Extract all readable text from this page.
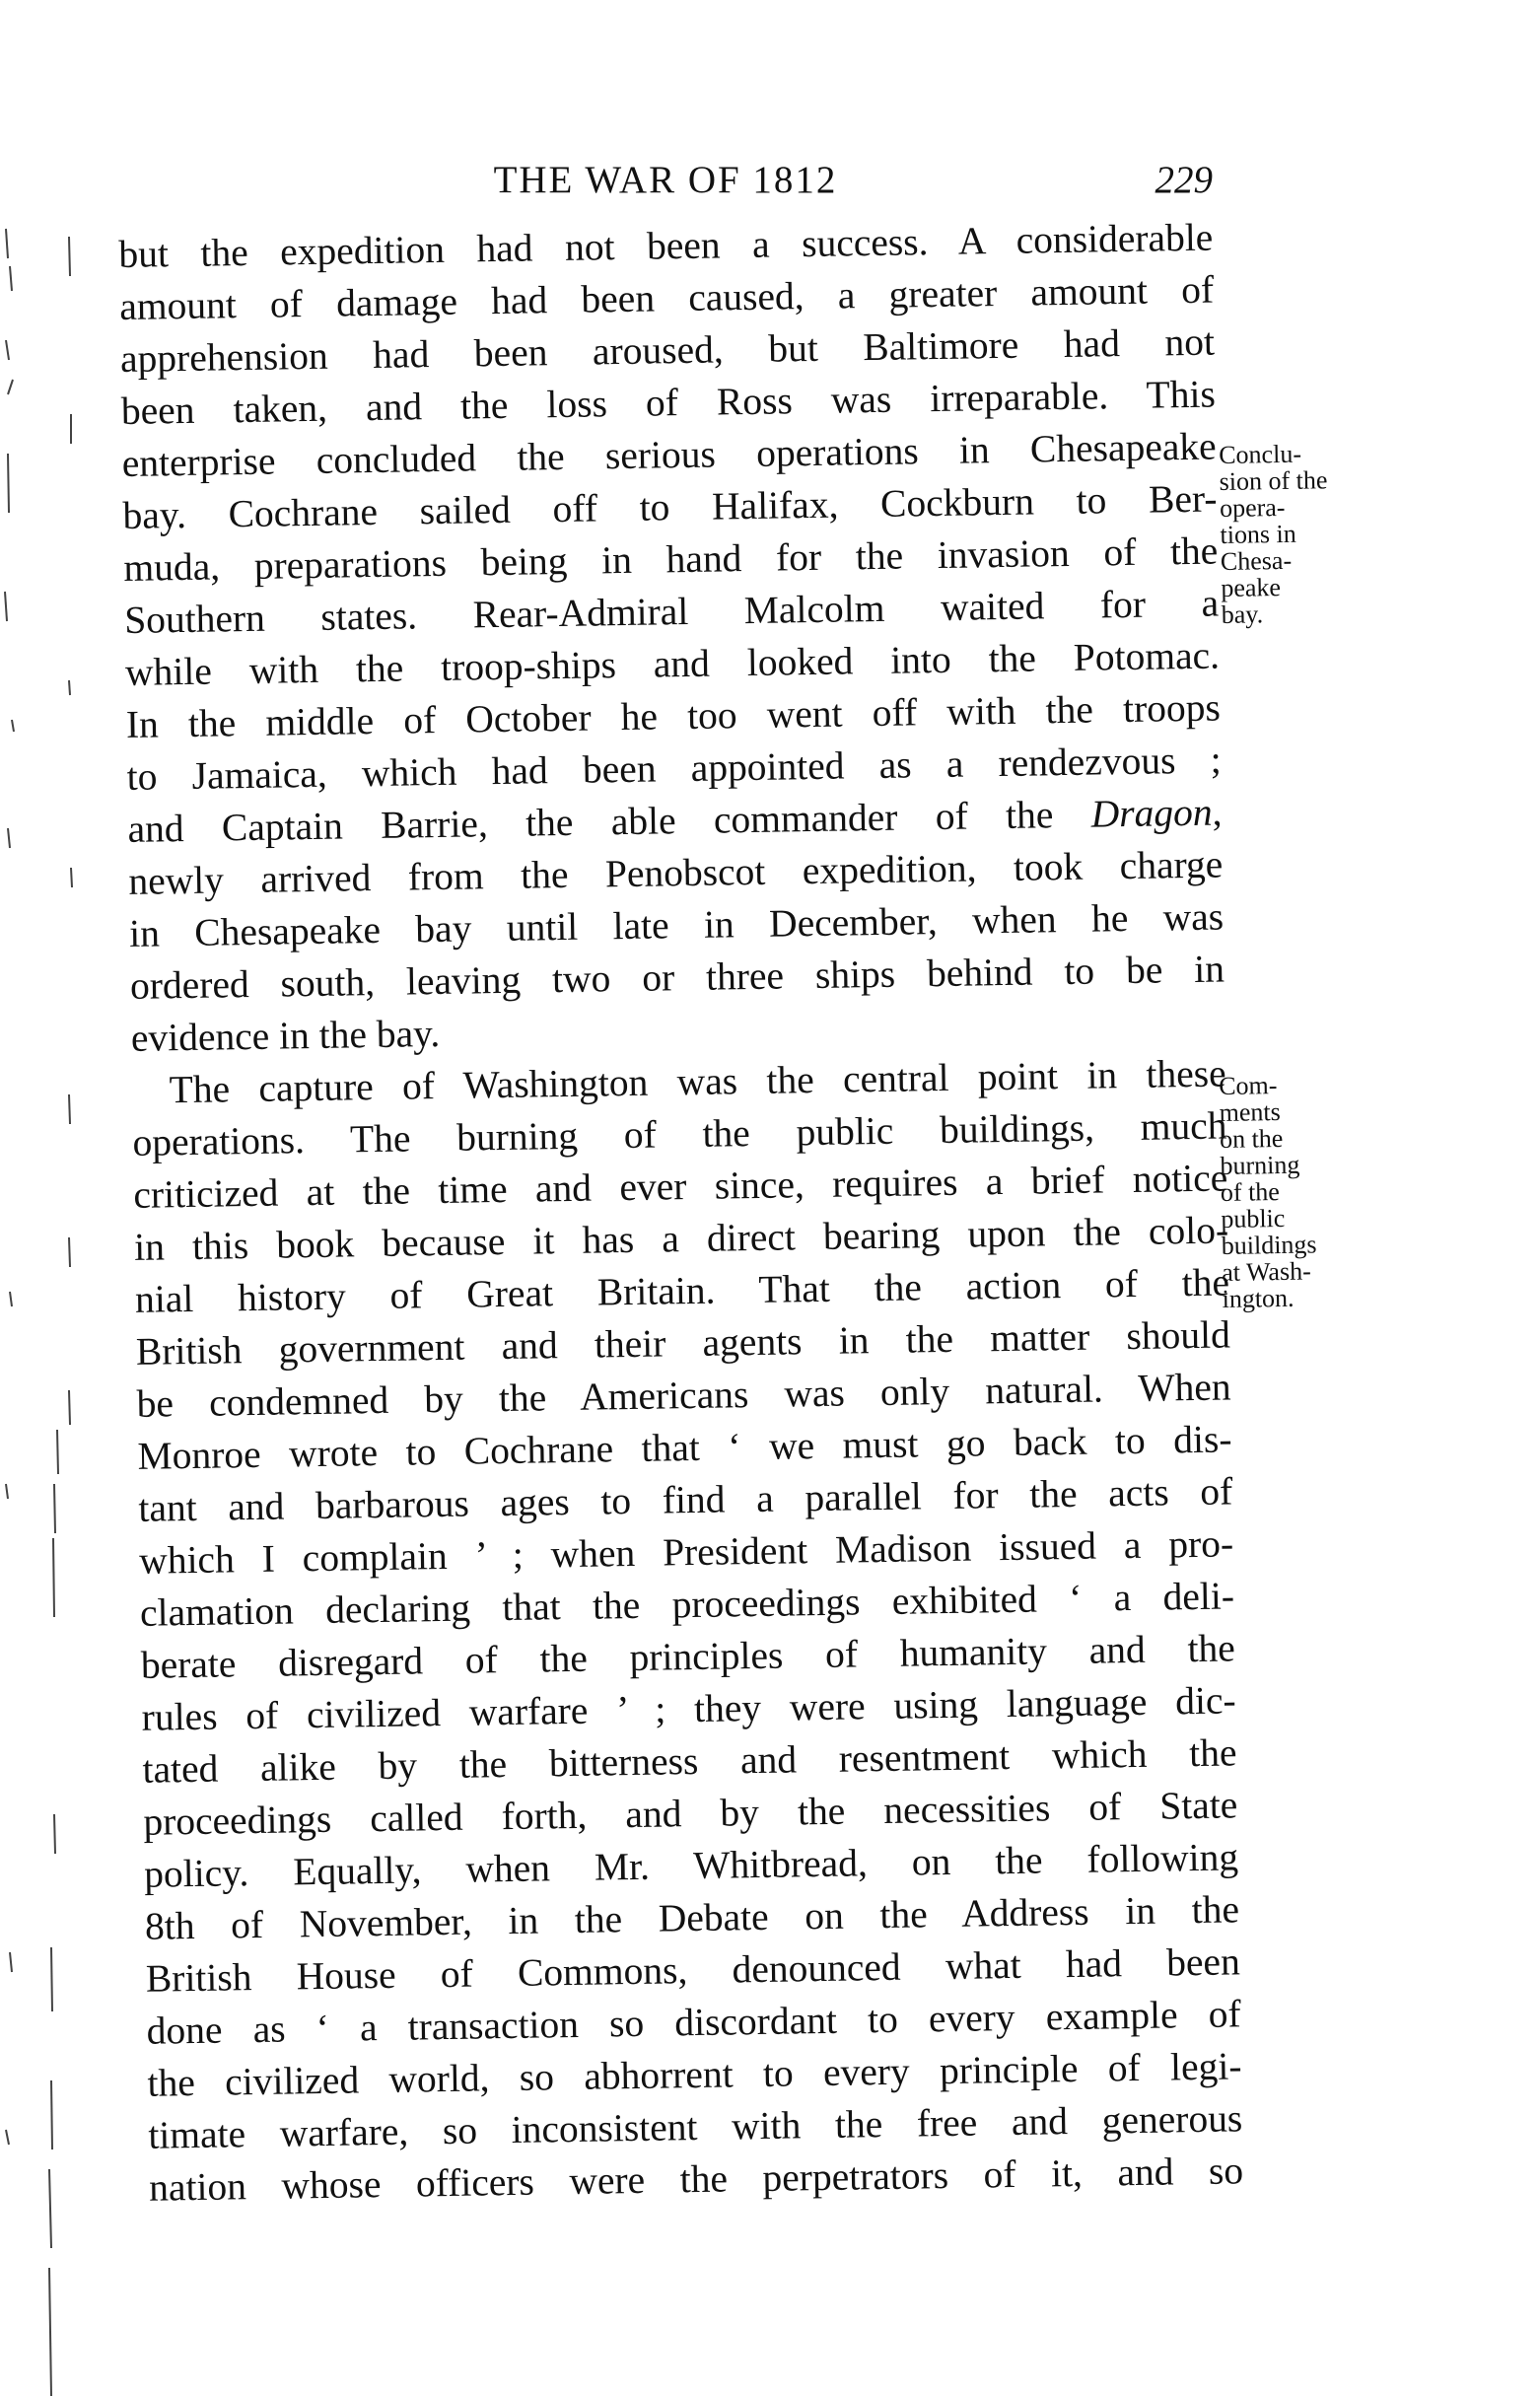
THE WAR OF 1812	229
but the expedition had not been a success. A considerable
amount of damage had been caused, a greater amount of
apprehension had been aroused, but Baltimore had not
been taken, and the loss of Ross was irreparable. This
enterprise concluded the serious operations in Chesapeake
bay. Cochrane sailed off to Halifax, Cockburn to Ber-
muda, preparations being in hand for the invasion of the
Southern states. Rear-Admiral Malcolm waited for a
while with the troop-ships and looked into the Potomac.
In the middle of October he too went off with the troops
to Jamaica, which had been appointed as a rendezvous ;
and Captain Barrie, the able commander of the Dragon,
newly arrived from the Penobscot expedition, took charge
in Chesapeake bay until late in December, when he was
ordered south, leaving two or three ships behind to be in
evidence in the bay.
The capture of Washington was the central point in these
operations. The burning of the public buildings, much
criticized at the time and ever since, requires a brief notice
in this book because it has a direct bearing upon the colo-
nial history of Great Britain. That the action of the
British government and their agents in the matter should
be condemned by the Americans was only natural. When
Monroe wrote to Cochrane that ‘ we must go back to dis-
tant and barbarous ages to find a parallel for the acts of
which I complain ’ ; when President Madison issued a pro-
clamation declaring that the proceedings exhibited ‘ a deli-
berate disregard of the principles of humanity and the
rules of civilized warfare ’ ; they were using language dic-
tated alike by the bitterness and resentment which the
proceedings called forth, and by the necessities of State
policy. Equally, when Mr. Whitbread, on the following
8th of November, in the Debate on the Address in the
British House of Commons, denounced what had been
done as ‘ a transaction so discordant to every example of
the civilized world, so abhorrent to every principle of legi-
timate warfare, so inconsistent with the free and generous
nation whose officers were the perpetrators of it, and so
Conclu-
sion of the
opera-
tions in
Chesa-
peake
bay.
Com-
ments
on the
burning
of the
public
buildings
at Wash-
ington.
